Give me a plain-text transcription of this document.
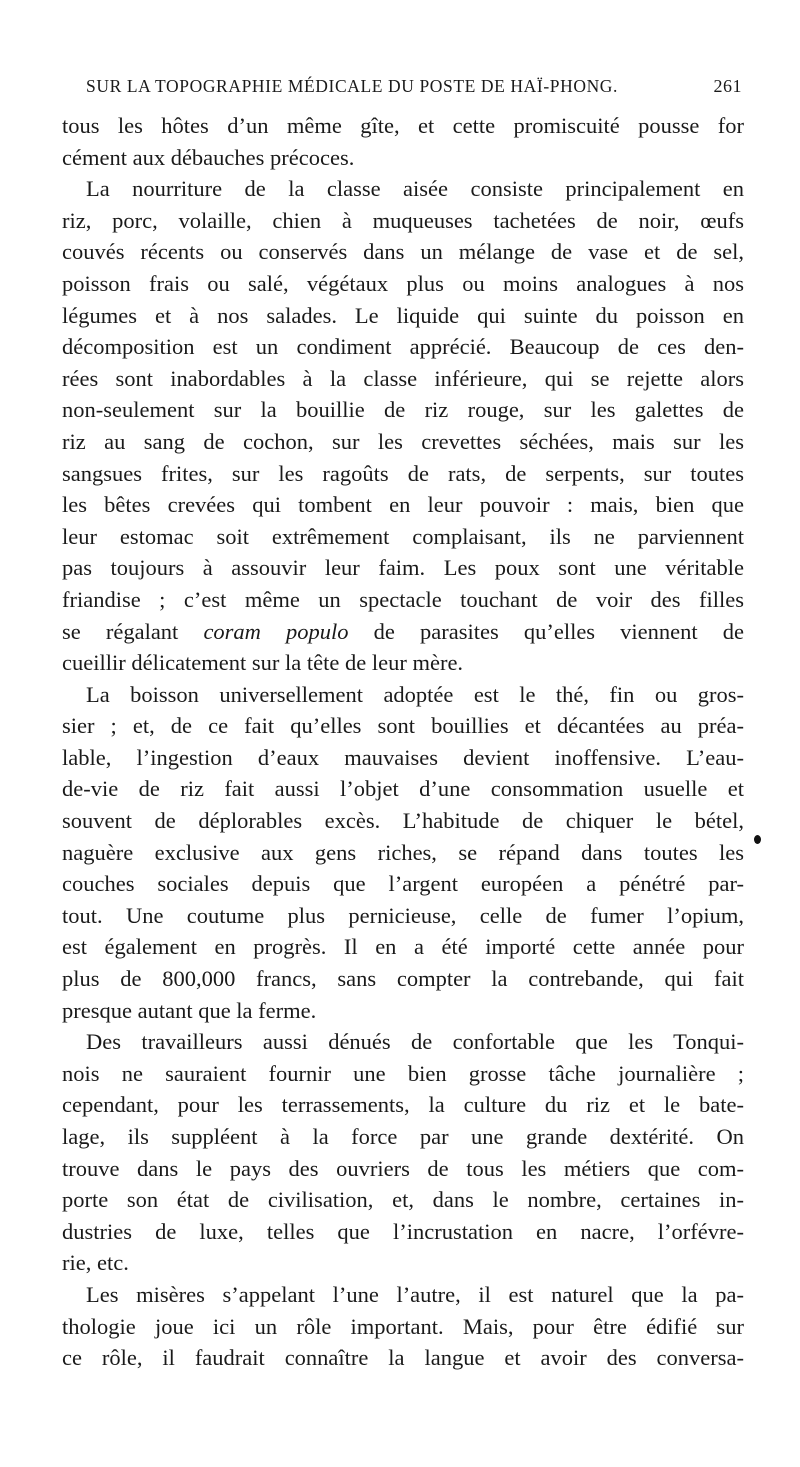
SUR LA TOPOGRAPHIE MÉDICALE DU POSTE DE HAÏ-PHONG.	261

tous les hôtes d’un même gîte, et cette promiscuité pousse for
cément aux débauches précoces.

La nourriture de la classe aisée consiste principalement en
riz, porc, volaille, chien à muqueuses tachetées de noir, œufs
couvés récents ou conservés dans un mélange de vase et de sel,
poisson frais ou salé, végétaux plus ou moins analogues à nos
légumes et à nos salades. Le liquide qui suinte du poisson en
décomposition est un condiment apprécié. Beaucoup de ces den-
rées sont inabordables à la classe inférieure, qui se rejette alors
non-seulement sur la bouillie de riz rouge, sur les galettes de
riz au sang de cochon, sur les crevettes séchées, mais sur les
sangsues frites, sur les ragoûts de rats, de serpents, sur toutes
les bêtes crevées qui tombent en leur pouvoir : mais, bien que
leur estomac soit extrêmement complaisant, ils ne parviennent
pas toujours à assouvir leur faim. Les poux sont une véritable
friandise ; c’est même un spectacle touchant de voir des filles
se régalant coram populo de parasites qu’elles viennent de
cueillir délicatement sur la tête de leur mère.

La boisson universellement adoptée est le thé, fin ou gros-
sier ; et, de ce fait qu’elles sont bouillies et décantées au préa-
lable, l’ingestion d’eaux mauvaises devient inoffensive. L’eau-
de-vie de riz fait aussi l’objet d’une consommation usuelle et
souvent de déplorables excès. L’habitude de chiquer le bétel,
naguère exclusive aux gens riches, se répand dans toutes les
couches sociales depuis que l’argent européen a pénétré par-
tout. Une coutume plus pernicieuse, celle de fumer l’opium,
est également en progrès. Il en a été importé cette année pour
plus de 800,000 francs, sans compter la contrebande, qui fait
presque autant que la ferme.

Des travailleurs aussi dénués de confortable que les Tonqui-
nois ne sauraient fournir une bien grosse tâche journalière ;
cependant, pour les terrassements, la culture du riz et le bate-
lage, ils suppléent à la force par une grande dextérité. On
trouve dans le pays des ouvriers de tous les métiers que com-
porte son état de civilisation, et, dans le nombre, certaines in-
dustries de luxe, telles que l’incrustation en nacre, l’orfévre-
rie, etc.

Les misères s’appelant l’une l’autre, il est naturel que la pa-
thologie joue ici un rôle important. Mais, pour être édifié sur
ce rôle, il faudrait connaître la langue et avoir des conversa-
